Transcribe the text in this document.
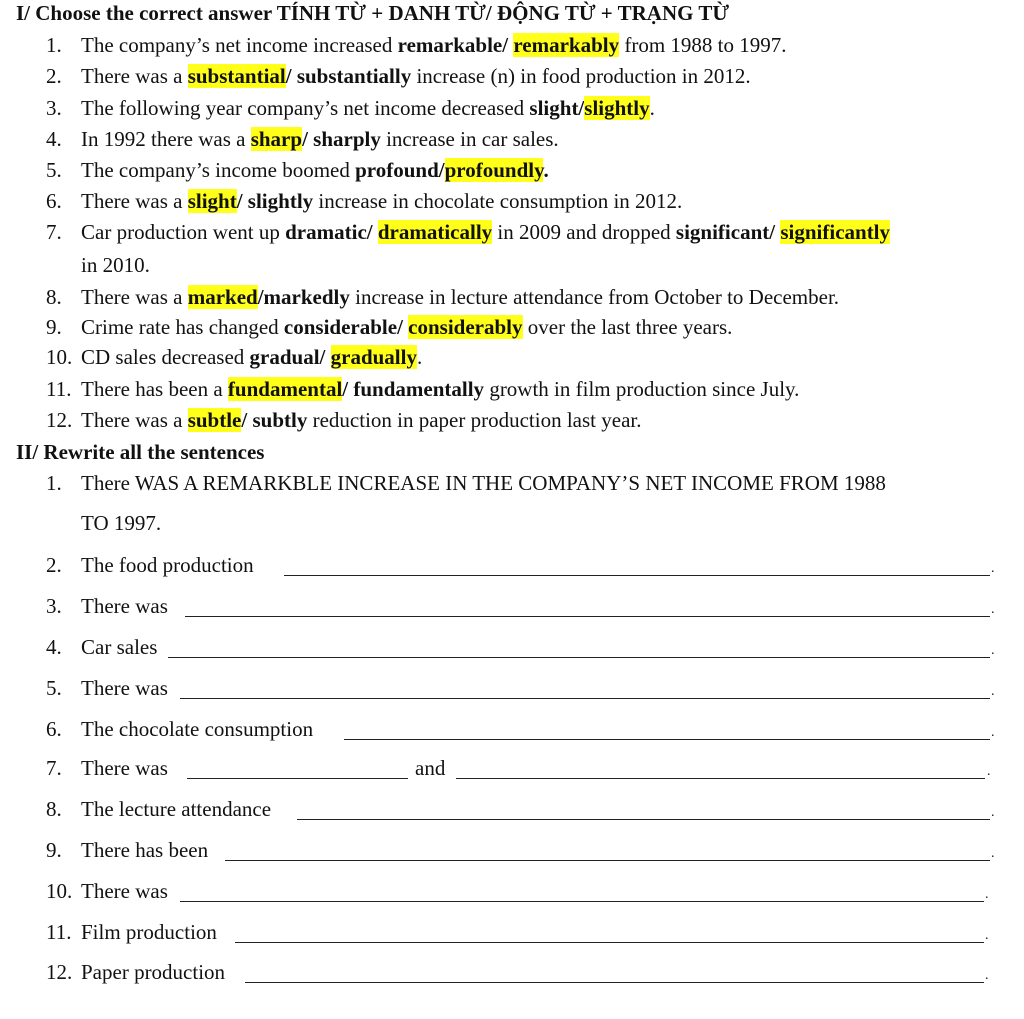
I/ Choose the correct answer TÍNH TỪ + DANH TỪ/ ĐỘNG TỪ + TRẠNG TỪ
1. The company’s net income increased remarkable/ remarkably from 1988 to 1997.
2. There was a substantial/ substantially increase (n) in food production in 2012.
3. The following year company’s net income decreased slight/slightly.
4. In 1992 there was a sharp/ sharply increase in car sales.
5. The company’s income boomed profound/profoundly.
6. There was a slight/ slightly increase in chocolate consumption in 2012.
7. Car production went up dramatic/ dramatically in 2009 and dropped significant/ significantly
in 2010.
8. There was a marked/markedly increase in lecture attendance from October to December.
9. Crime rate has changed considerable/ considerably over the last three years.
10. CD sales decreased gradual/ gradually.
11. There has been a fundamental/ fundamentally growth in film production since July.
12. There was a subtle/ subtly reduction in paper production last year.
II/ Rewrite all the sentences
1. There WAS A REMARKBLE INCREASE IN THE COMPANY’S NET INCOME FROM 1988
TO 1997.
2. The food production	.
3. There was	.
4. Car sales	.
5. There was	.
6. The chocolate consumption	.
7. There was	and	.
8. The lecture attendance	.
9. There has been	.
10. There was	.
11. Film production	.
12. Paper production	.
